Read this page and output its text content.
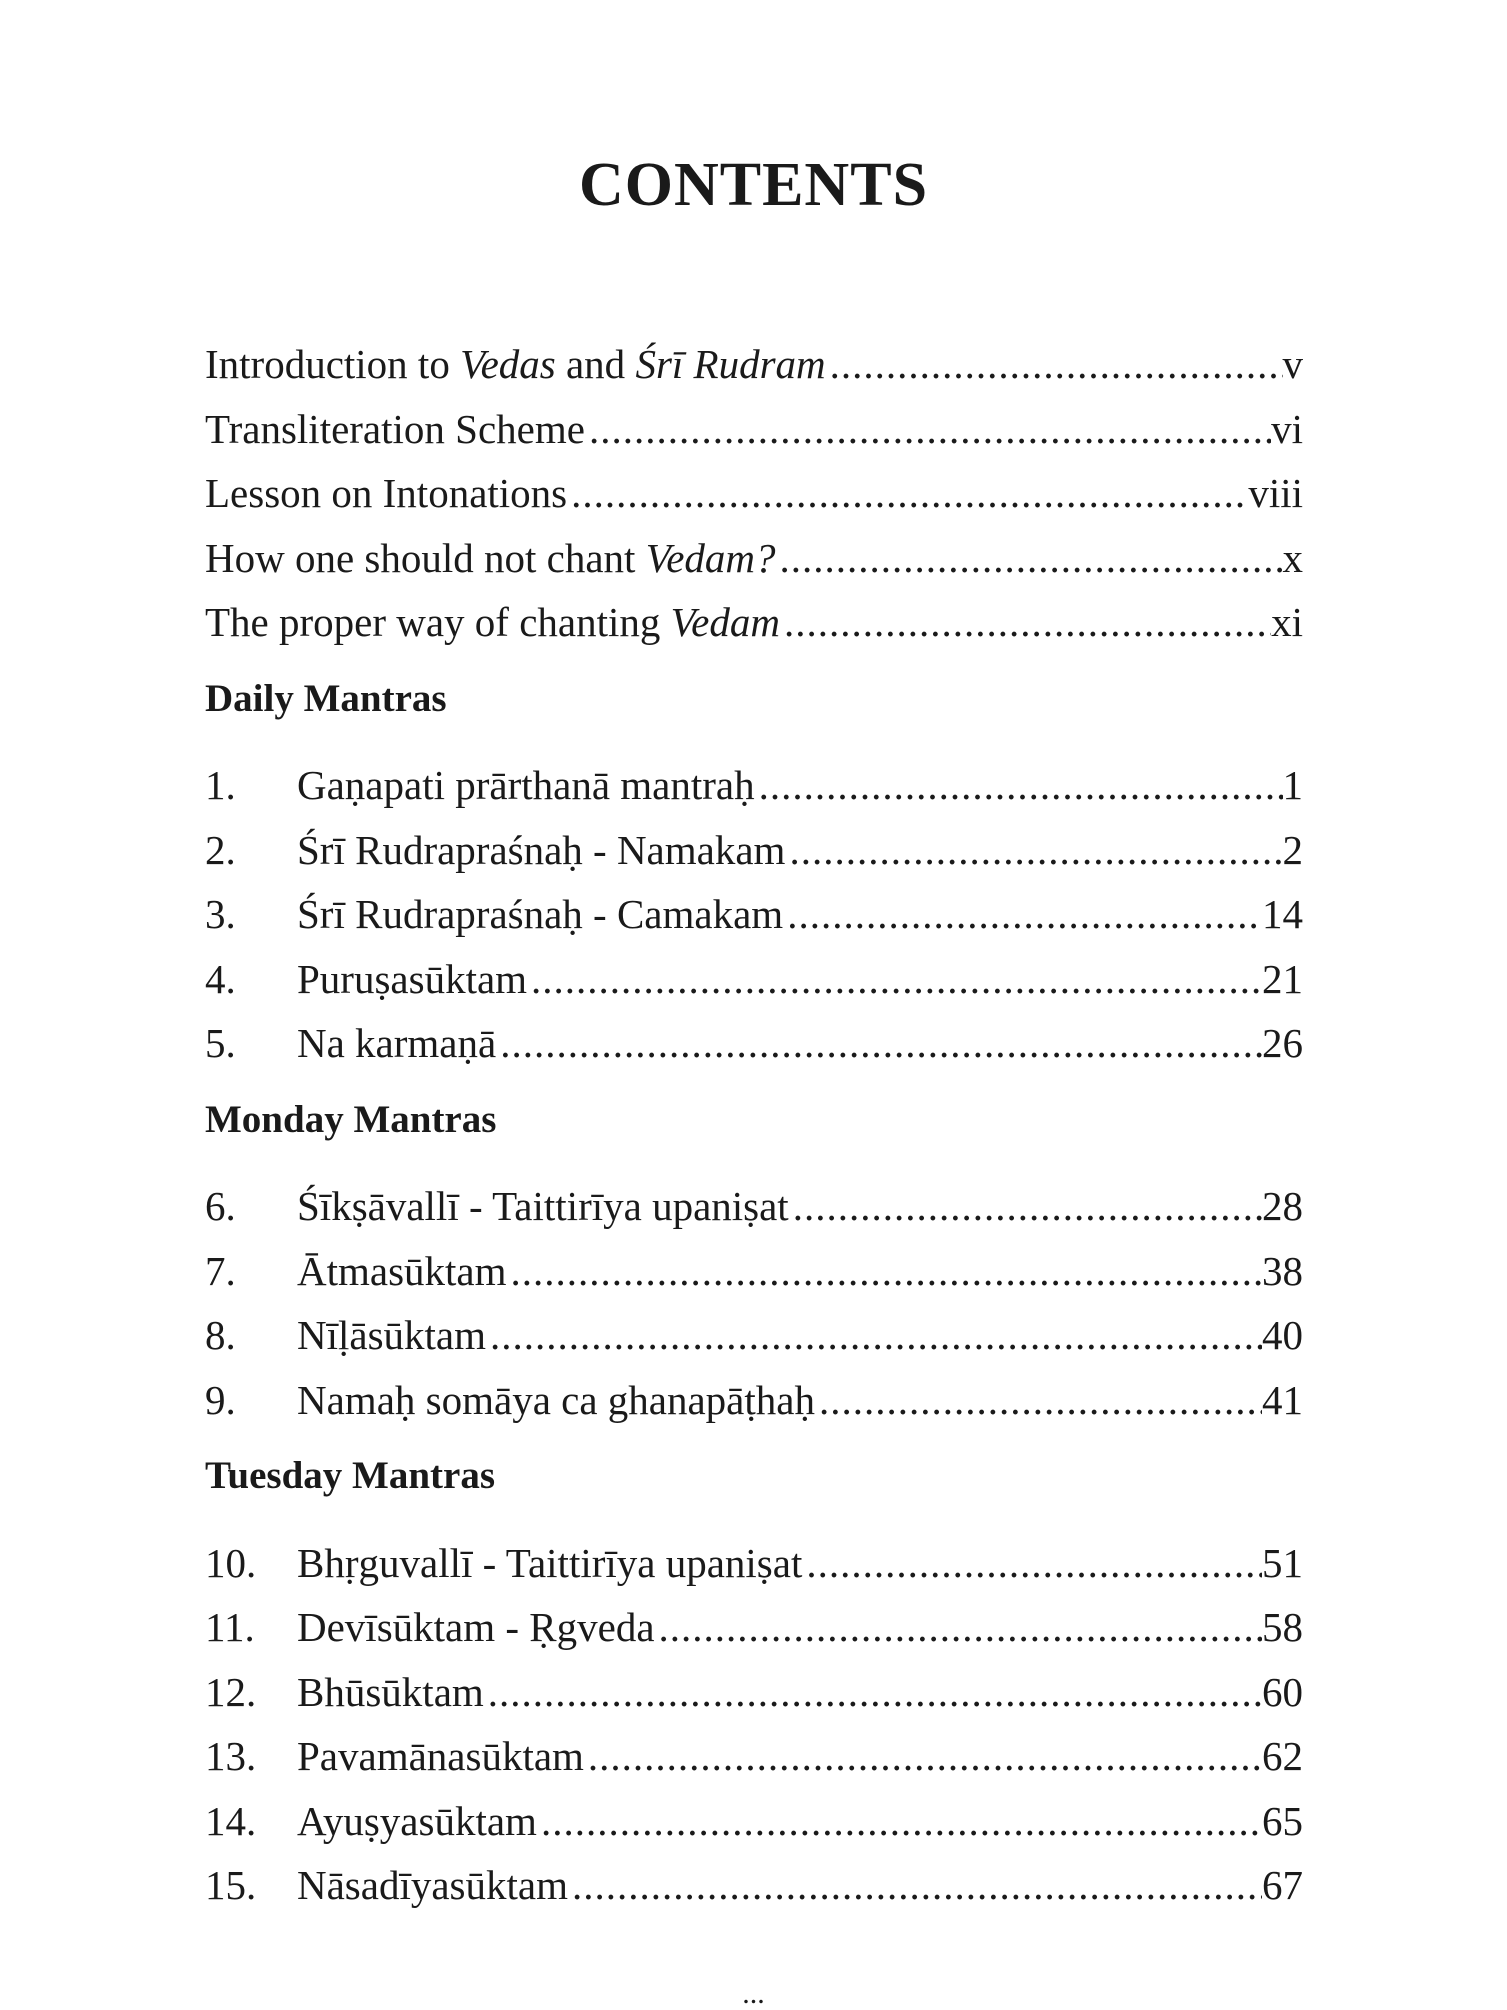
CONTENTS
Introduction to Vedas and Śrī Rudram .....	v
Transliteration Scheme .....	vi
Lesson on Intonations .....	viii
How one should not chant Vedam? .....	x
The proper way of chanting Vedam .....	xi
Daily Mantras
1.	Gaṇapati prārthanā mantraḥ .....	1
2.	Śrī Rudrapraśnaḥ - Namakam .....	2
3.	Śrī Rudrapraśnaḥ - Camakam .....	14
4.	Puruṣasūktam .....	21
5.	Na karmaṇā .....	26
Monday Mantras
6.	Śīkṣāvallī - Taittirīya upaniṣat .....	28
7.	Ātmasūktam .....	38
8.	Nīḷāsūktam .....	40
9.	Namaḥ somāya ca ghanapāṭhaḥ .....	41
Tuesday Mantras
10. Bhṛguvallī - Taittirīya upaniṣat .....	51
11.	Devīsūktam - Ṛgveda .....	58
12. Bhūsūktam .....	60
13. Pavamānasūktam .....	62
14. Ayuṣyasūktam .....	65
15. Nāsadīyasūktam .....	67
...
